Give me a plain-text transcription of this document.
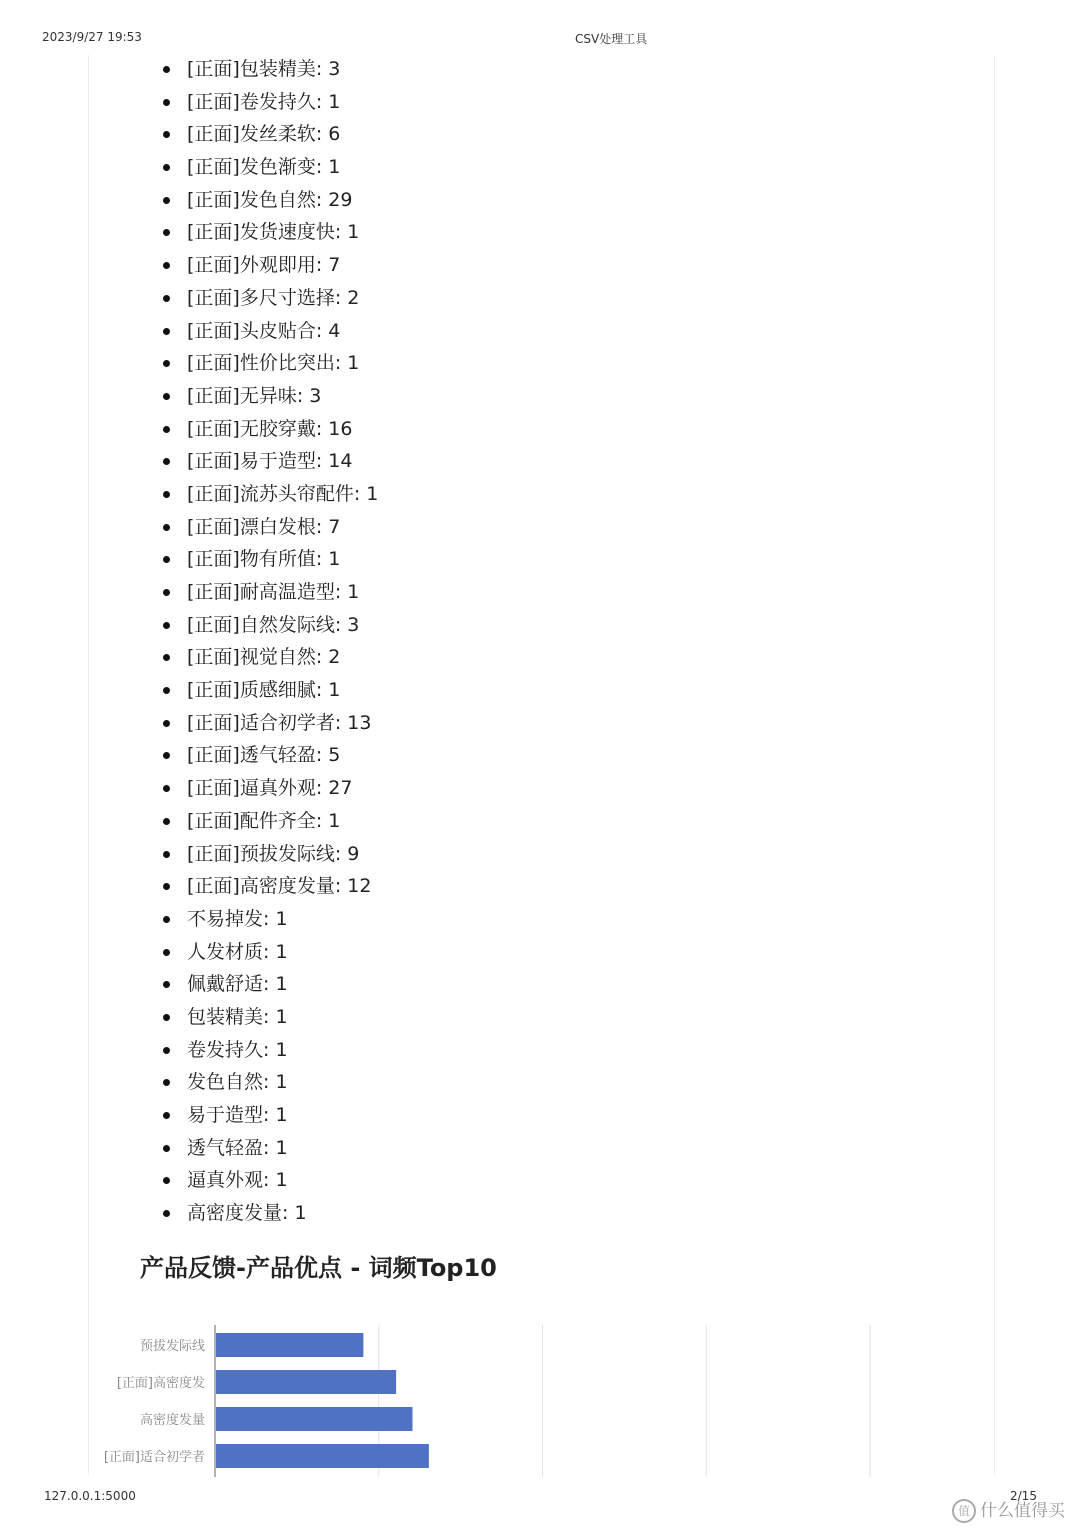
2023/9/27 19:53	CSV处理工具
[正面]包装精美: 3
[正面]卷发持久: 1
[正面]发丝柔软: 6
[正面]发色渐变: 1
[正面]发色自然: 29
[正面]发货速度快: 1
[正面]外观即用: 7
[正面]多尺寸选择: 2
[正面]头皮贴合: 4
[正面]性价比突出: 1
[正面]无异味: 3
[正面]无胶穿戴: 16
[正面]易于造型: 14
[正面]流苏头帘配件: 1
[正面]漂白发根: 7
[正面]物有所值: 1
[正面]耐高温造型: 1
[正面]自然发际线: 3
[正面]视觉自然: 2
[正面]质感细腻: 1
[正面]适合初学者: 13
[正面]透气轻盈: 5
[正面]逼真外观: 27
[正面]配件齐全: 1
[正面]预拔发际线: 9
[正面]高密度发量: 12
不易掉发: 1
人发材质: 1
佩戴舒适: 1
包装精美: 1
卷发持久: 1
发色自然: 1
易于造型: 1
透气轻盈: 1
逼真外观: 1
高密度发量: 1
产品反馈-产品优点 - 词频Top10
预拔发际线
[正面]高密度发
高密度发量
[正面]适合初学者
127.0.0.1:5000	2/15
值 什么值得买
